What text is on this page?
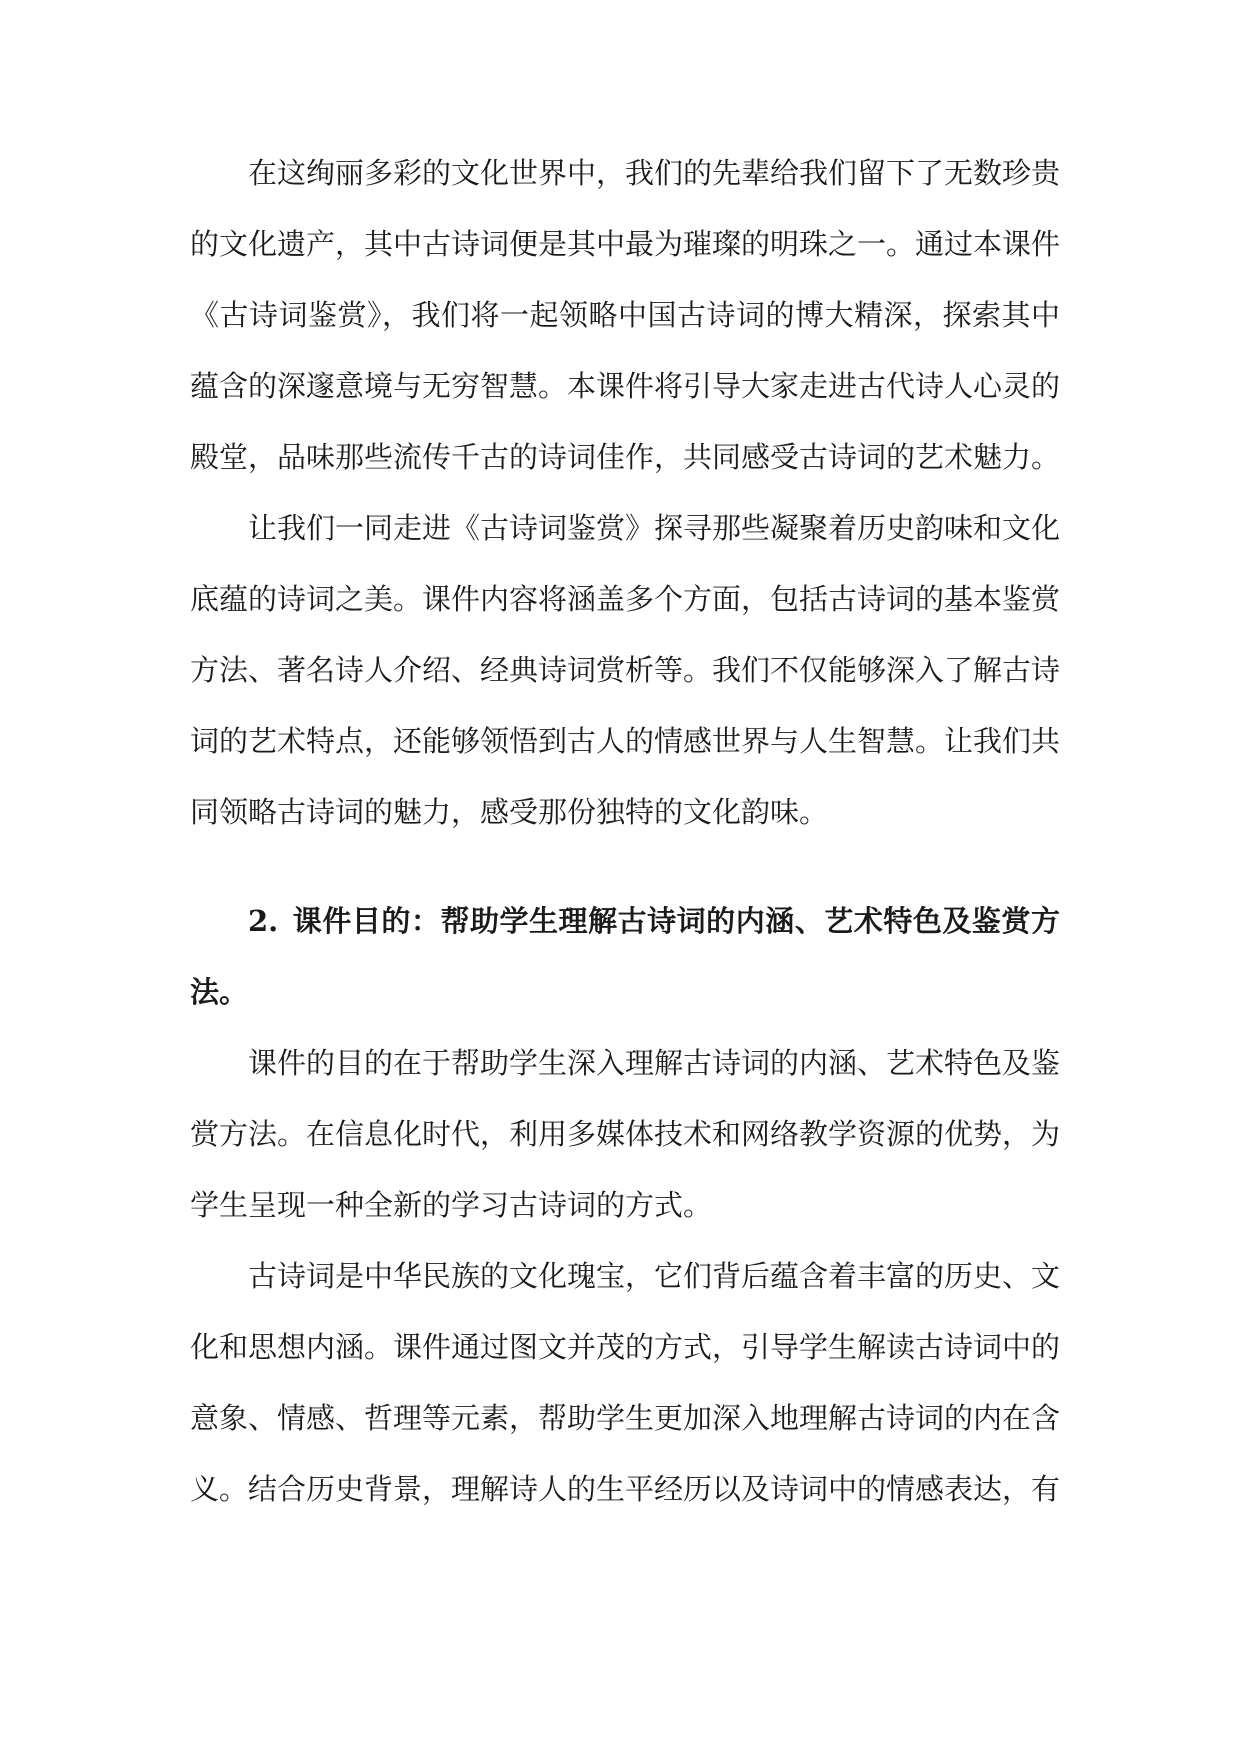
在这绚丽多彩的文化世界中，我们的先辈给我们留下了无数珍贵的文化遗产，其中古诗词便是其中最为璀璨的明珠之一。通过本课件《古诗词鉴赏》，我们将一起领略中国古诗词的博大精深，探索其中蕴含的深邃意境与无穷智慧。本课件将引导大家走进古代诗人心灵的殿堂，品味那些流传千古的诗词佳作，共同感受古诗词的艺术魅力。

让我们一同走进《古诗词鉴赏》探寻那些凝聚着历史韵味和文化底蕴的诗词之美。课件内容将涵盖多个方面，包括古诗词的基本鉴赏方法、著名诗人介绍、经典诗词赏析等。我们不仅能够深入了解古诗词的艺术特点，还能够领悟到古人的情感世界与人生智慧。让我们共同领略古诗词的魅力，感受那份独特的文化韵味。

2. 课件目的：帮助学生理解古诗词的内涵、艺术特色及鉴赏方法。

课件的目的在于帮助学生深入理解古诗词的内涵、艺术特色及鉴赏方法。在信息化时代，利用多媒体技术和网络教学资源的优势，为学生呈现一种全新的学习古诗词的方式。

古诗词是中华民族的文化瑰宝，它们背后蕴含着丰富的历史、文化和思想内涵。课件通过图文并茂的方式，引导学生解读古诗词中的意象、情感、哲理等元素，帮助学生更加深入地理解古诗词的内在含义。结合历史背景，理解诗人的生平经历以及诗词中的情感表达，有
